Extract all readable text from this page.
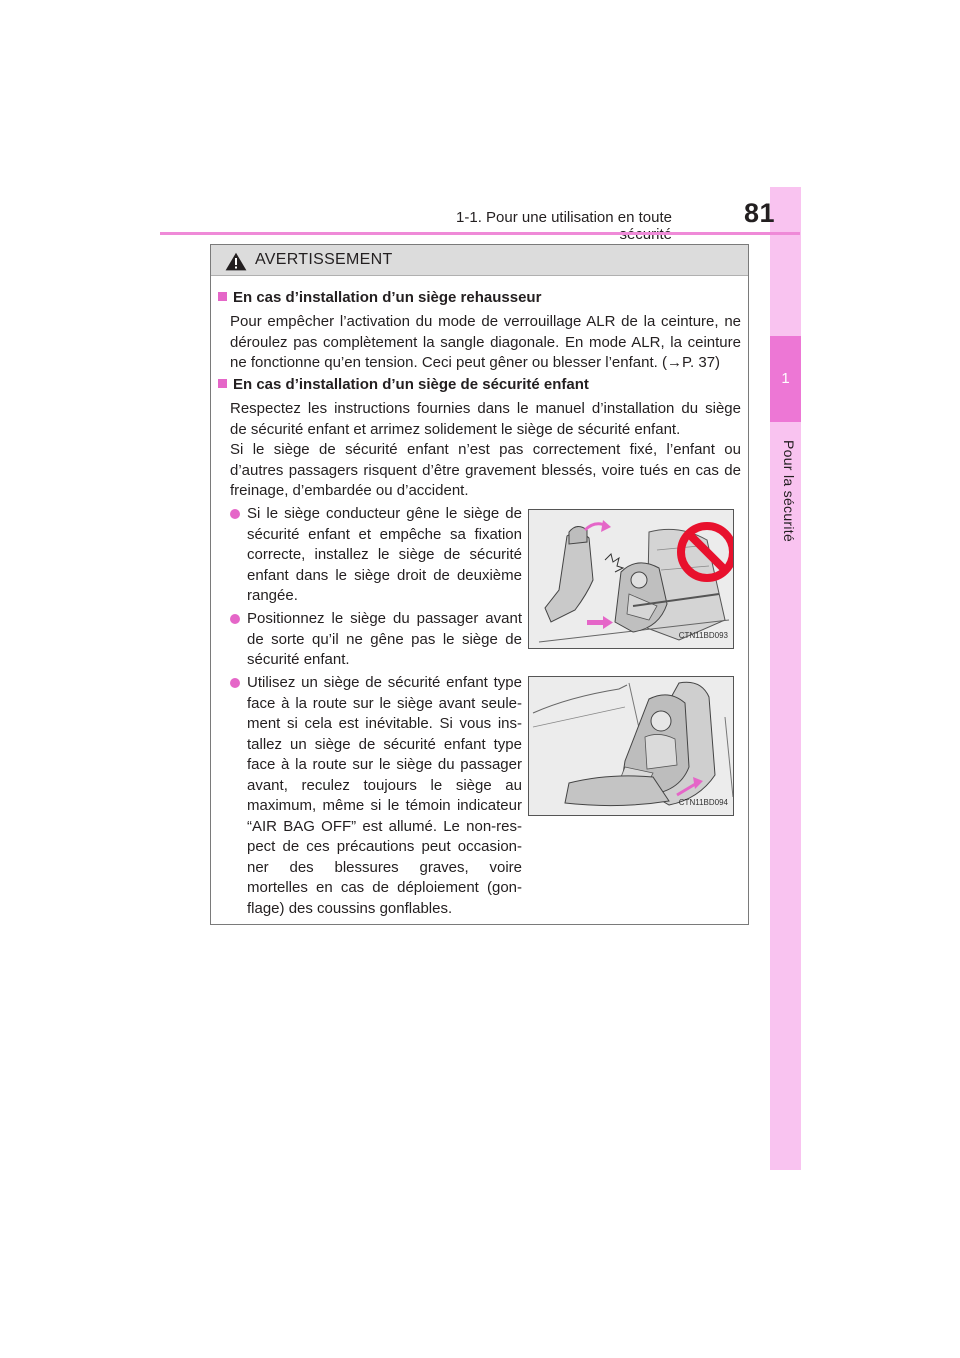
1
Pour la sécurité
1-1. Pour une utilisation en toute	81
AVERTISSEMENT
En cas d’installation d’un siège rehausseur
Pour empêcher l’activation du mode de verrouillage ALR de la ceinture, ne
déroulez pas complètement la sangle diagonale. En mode ALR, la ceinture
ne fonctionne qu’en tension. Ceci peut gêner ou blesser l’enfant. (→P. 37)
En cas d’installation d’un siège de sécurité enfant
Respectez les instructions fournies dans le manuel d’installation du siège
de sécurité enfant et arrimez solidement le siège de sécurité enfant.
Si le siège de sécurité enfant n’est pas correctement fixé, l’enfant ou
d’autres passagers risquent d’être gravement blessés, voire tués en cas de
freinage, d’embardée ou d’accident.
Si le siège conducteur gêne le siège de
sécurité enfant et empêche sa fixation
correcte, installez le siège de sécurité
enfant dans le siège droit de deuxième
rangée.
Positionnez le siège du passager avant
de sorte qu’il ne gêne pas le siège de
sécurité enfant.
Utilisez un siège de sécurité enfant type
face à la route sur le siège avant seule-
ment si cela est inévitable. Si vous ins-
tallez un siège de sécurité enfant type
face à la route sur le siège du passager
avant, reculez toujours le siège au
maximum, même si le témoin indicateur
“AIR BAG OFF” est allumé. Le non-res-
pect de ces précautions peut occasion-
ner des blessures graves, voire
mortelles en cas de déploiement (gon-
flage) des coussins gonflables.
CTN11BD093
CTN11BD094
